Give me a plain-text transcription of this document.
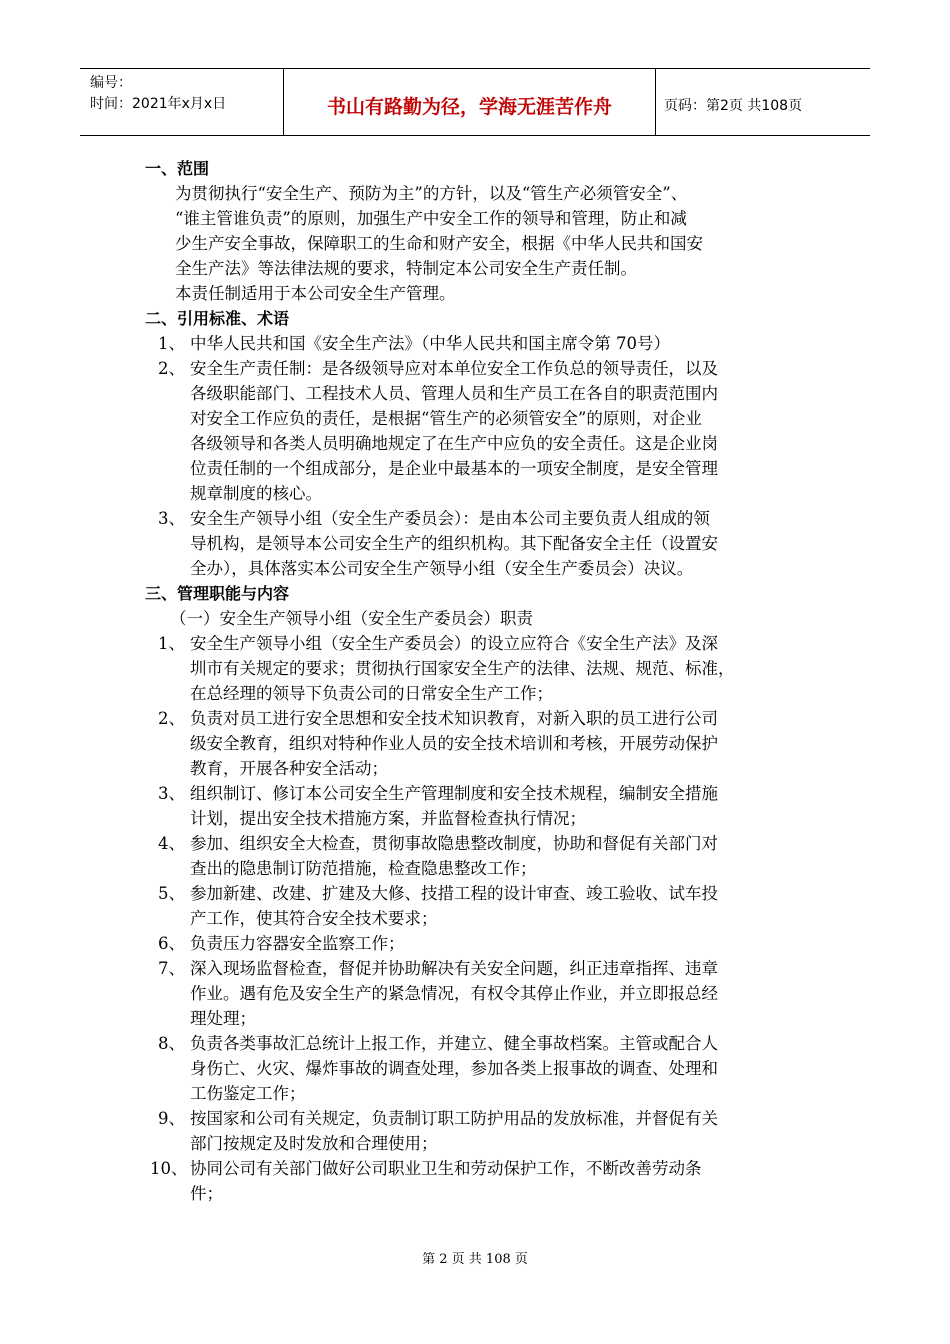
编号：
时间：2021年x月x日	书山有路勤为径，学海无涯苦作舟	页码：第2页 共108页
一、范围
为贯彻执行“安全生产、预防为主”的方针，以及“管生产必须管安全”、
“谁主管谁负责”的原则，加强生产中安全工作的领导和管理，防止和减
少生产安全事故，保障职工的生命和财产安全，根据《中华人民共和国安
全生产法》等法律法规的要求，特制定本公司安全生产责任制。
本责任制适用于本公司安全生产管理。
二、引用标准、术语
1、 中华人民共和国《安全生产法》（中华人民共和国主席令第 70号）
2、 安全生产责任制：是各级领导应对本单位安全工作负总的领导责任，以及
各级职能部门、工程技术人员、管理人员和生产员工在各自的职责范围内
对安全工作应负的责任，是根据“管生产的必须管安全”的原则，对企业
各级领导和各类人员明确地规定了在生产中应负的安全责任。这是企业岗
位责任制的一个组成部分，是企业中最基本的一项安全制度，是安全管理
规章制度的核心。
3、 安全生产领导小组（安全生产委员会）：是由本公司主要负责人组成的领
导机构，是领导本公司安全生产的组织机构。其下配备安全主任（设置安
全办），具体落实本公司安全生产领导小组（安全生产委员会）决议。
三、管理职能与内容
（一）安全生产领导小组（安全生产委员会）职责
1、 安全生产领导小组（安全生产委员会）的设立应符合《安全生产法》及深
圳市有关规定的要求；贯彻执行国家安全生产的法律、法规、规范、标准，
在总经理的领导下负责公司的日常安全生产工作；
2、 负责对员工进行安全思想和安全技术知识教育，对新入职的员工进行公司
级安全教育，组织对特种作业人员的安全技术培训和考核，开展劳动保护
教育，开展各种安全活动；
3、 组织制订、修订本公司安全生产管理制度和安全技术规程，编制安全措施
计划，提出安全技术措施方案，并监督检查执行情况；
4、 参加、组织安全大检查，贯彻事故隐患整改制度，协助和督促有关部门对
查出的隐患制订防范措施，检查隐患整改工作；
5、 参加新建、改建、扩建及大修、技措工程的设计审查、竣工验收、试车投
产工作，使其符合安全技术要求；
6、 负责压力容器安全监察工作；
7、 深入现场监督检查，督促并协助解决有关安全问题，纠正违章指挥、违章
作业。遇有危及安全生产的紧急情况，有权令其停止作业，并立即报总经
理处理；
8、 负责各类事故汇总统计上报工作，并建立、健全事故档案。主管或配合人
身伤亡、火灾、爆炸事故的调查处理，参加各类上报事故的调查、处理和
工伤鉴定工作；
9、 按国家和公司有关规定，负责制订职工防护用品的发放标准，并督促有关
部门按规定及时发放和合理使用；
10、 协同公司有关部门做好公司职业卫生和劳动保护工作，不断改善劳动条
件；
第 2 页 共 108 页
